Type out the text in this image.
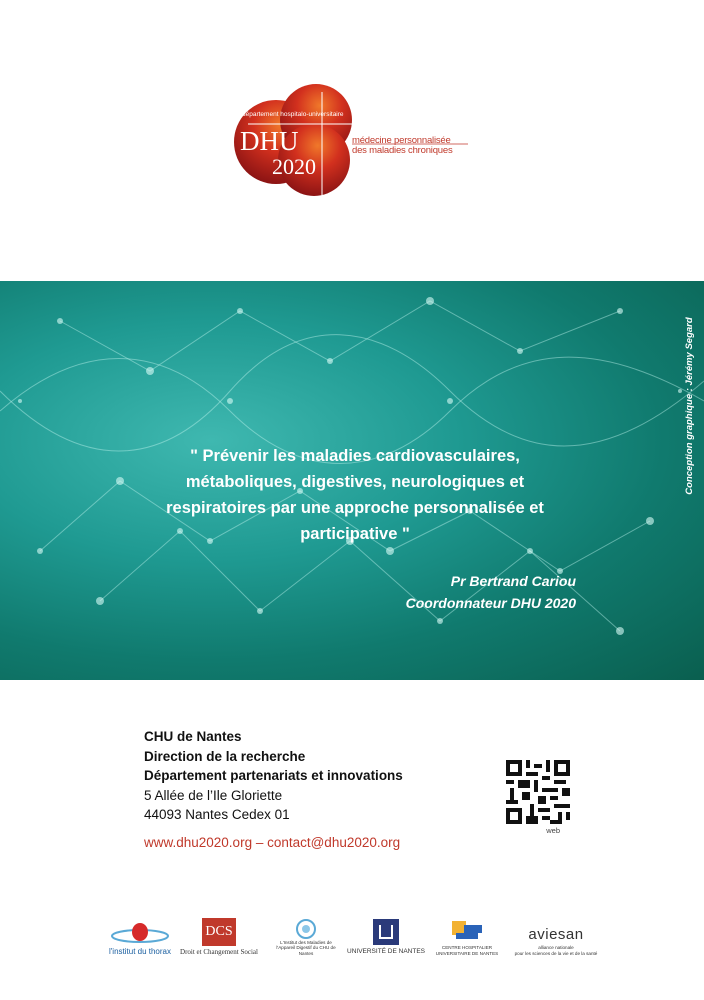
département hospitalo-universitaire
DHU
2020
médecine personnalisée
des maladies chroniques
" Prévenir les maladies cardiovasculaires,
métaboliques, digestives, neurologiques et
respiratoires par une approche personnalisée et
participative "
Pr Bertrand Cariou
Coordonnateur DHU 2020
Conception graphique : Jérémy Segard
CHU de Nantes
Direction de la recherche
Département partenariats et innovations
5 Allée de l’Ile Gloriette
44093 Nantes Cedex 01
www.dhu2020.org – contact@dhu2020.org
web
l'institut du thorax
DCS
Droit et Changement Social
L'Institut des Maladies de l'Appareil Digestif du CHU de Nantes	UNIVERSITÉ DE NANTES
CENTRE HOSPITALIER
UNIVERSITAIRE DE NANTES
aviesan
alliance nationale
pour les sciences de la vie et de la santé
